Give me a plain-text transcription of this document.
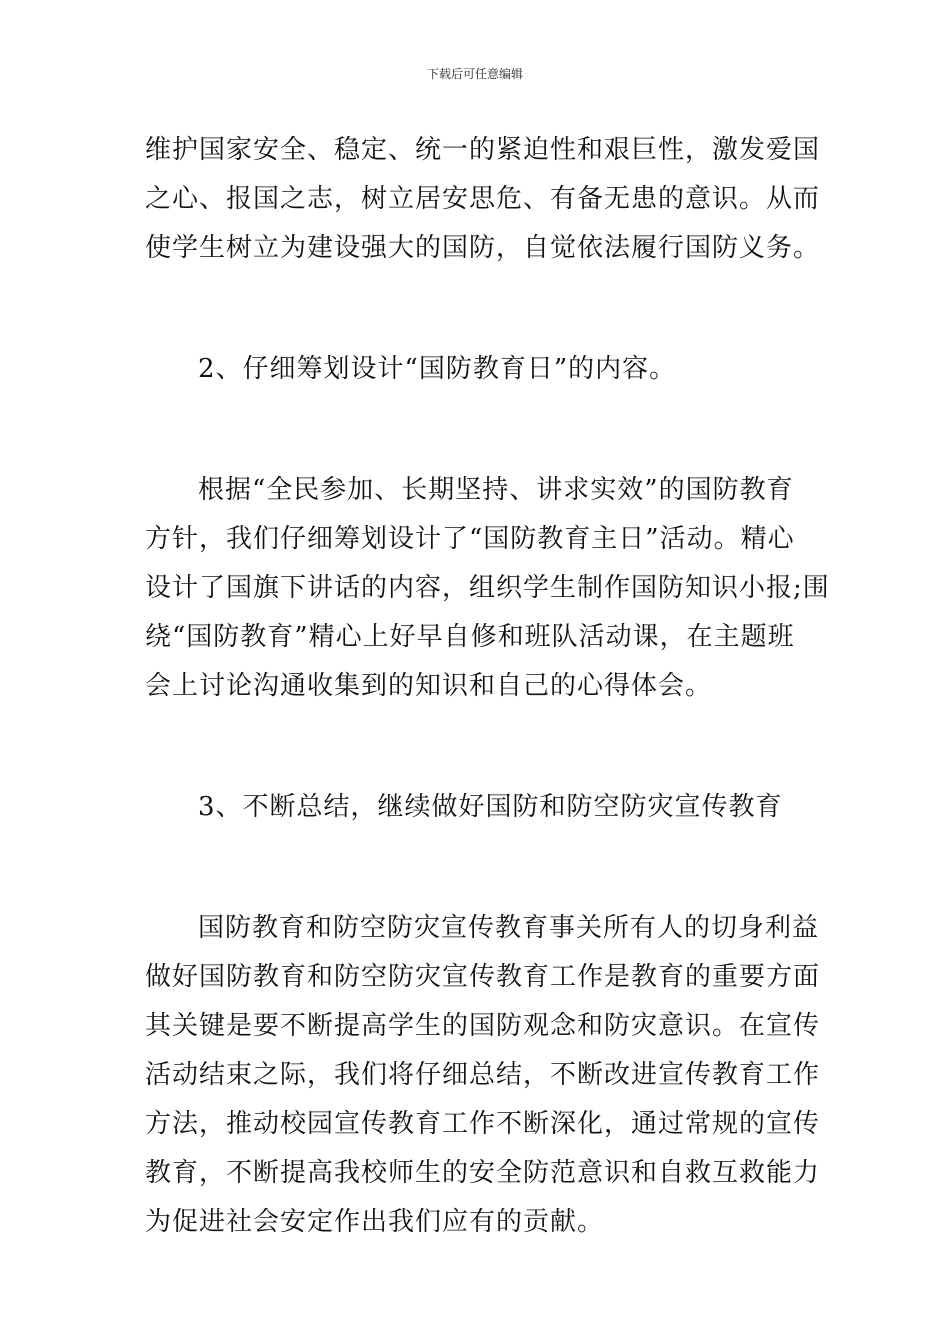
下载后可任意编辑

维护国家安全、稳定、统一的紧迫性和艰巨性，激发爱国
之心、报国之志，树立居安思危、有备无患的意识。从而
使学生树立为建设强大的国防，自觉依法履行国防义务。

2、仔细筹划设计“国防教育日”的内容。

根据“全民参加、长期坚持、讲求实效”的国防教育
方针，我们仔细筹划设计了“国防教育主日”活动。精心
设计了国旗下讲话的内容，组织学生制作国防知识小报;围
绕“国防教育”精心上好早自修和班队活动课，在主题班
会上讨论沟通收集到的知识和自己的心得体会。

3、不断总结，继续做好国防和防空防灾宣传教育

国防教育和防空防灾宣传教育事关所有人的切身利益
做好国防教育和防空防灾宣传教育工作是教育的重要方面
其关键是要不断提高学生的国防观念和防灾意识。在宣传
活动结束之际，我们将仔细总结，不断改进宣传教育工作
方法，推动校园宣传教育工作不断深化，通过常规的宣传
教育，不断提高我校师生的安全防范意识和自救互救能力
为促进社会安定作出我们应有的贡献。
